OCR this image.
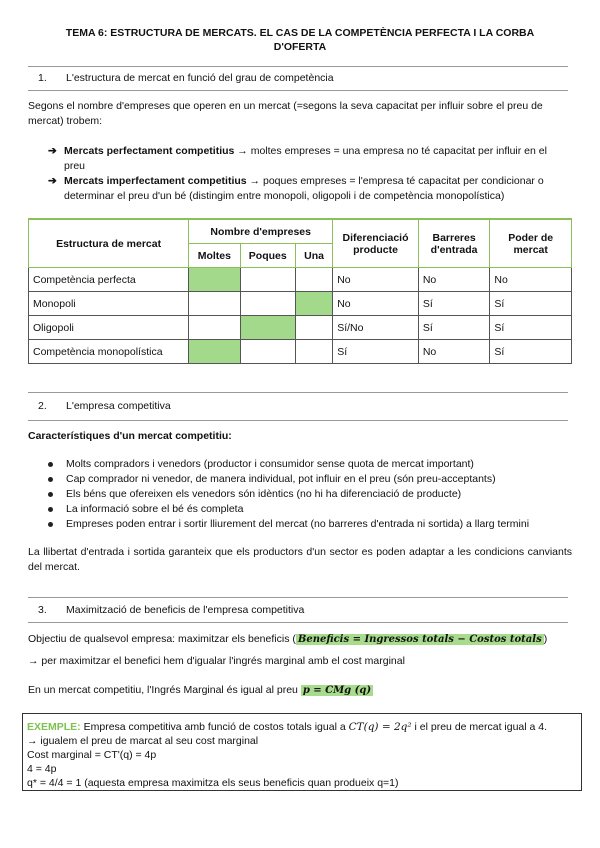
TEMA 6: ESTRUCTURA DE MERCATS. EL CAS DE LA COMPETÈNCIA PERFECTA I LA CORBA D'OFERTA
1. L'estructura de mercat en funció del grau de competència
Segons el nombre d'empreses que operen en un mercat (=segons la seva capacitat per influir sobre el preu de mercat) trobem:
➔ Mercats perfectament competitius → moltes empreses = una empresa no té capacitat per influir en el preu
➔ Mercats imperfectament competitius → poques empreses = l'empresa té capacitat per condicionar o determinar el preu d'un bé (distingim entre monopoli, oligopoli i de competència monopolística)
Estructura de mercat	Nombre d'empreses			Diferenciació producte	Barreres d'entrada	Poder de mercat
	Moltes	Poques	Una			
Competència perfecta				No	No	No
Monopoli				No	Sí	Sí
Oligopoli				Sí/No	Sí	Sí
Competència monopolística				Sí	No	Sí
2. L'empresa competitiva
Característiques d'un mercat competitiu:
Molts compradors i venedors (productor i consumidor sense quota de mercat important)
Cap comprador ni venedor, de manera individual, pot influir en el preu (són preu-acceptants)
Els béns que ofereixen els venedors són idèntics (no hi ha diferenciació de producte)
La informació sobre el bé és completa
Empreses poden entrar i sortir lliurement del mercat (no barreres d'entrada ni sortida) a llarg termini
La llibertat d'entrada i sortida garanteix que els productors d'un sector es poden adaptar a les condicions canviants del mercat.
3. Maximització de beneficis de l'empresa competitiva
Objectiu de qualsevol empresa: maximitzar els beneficis ( Beneficis = Ingressos totals − Costos totals )
→ per maximitzar el benefici hem d'igualar l'ingrés marginal amb el cost marginal
En un mercat competitiu, l'Ingrés Marginal és igual al preu p = CMg (q)
EXEMPLE: Empresa competitiva amb funció de costos totals igual a CT(q) = 2q² i el preu de mercat igual a 4.
→ igualem el preu de marcat al seu cost marginal
Cost marginal = CT'(q) = 4p
4 = 4p
q* = 4/4 = 1 (aquesta empresa maximitza els seus beneficis quan produeix q=1)
